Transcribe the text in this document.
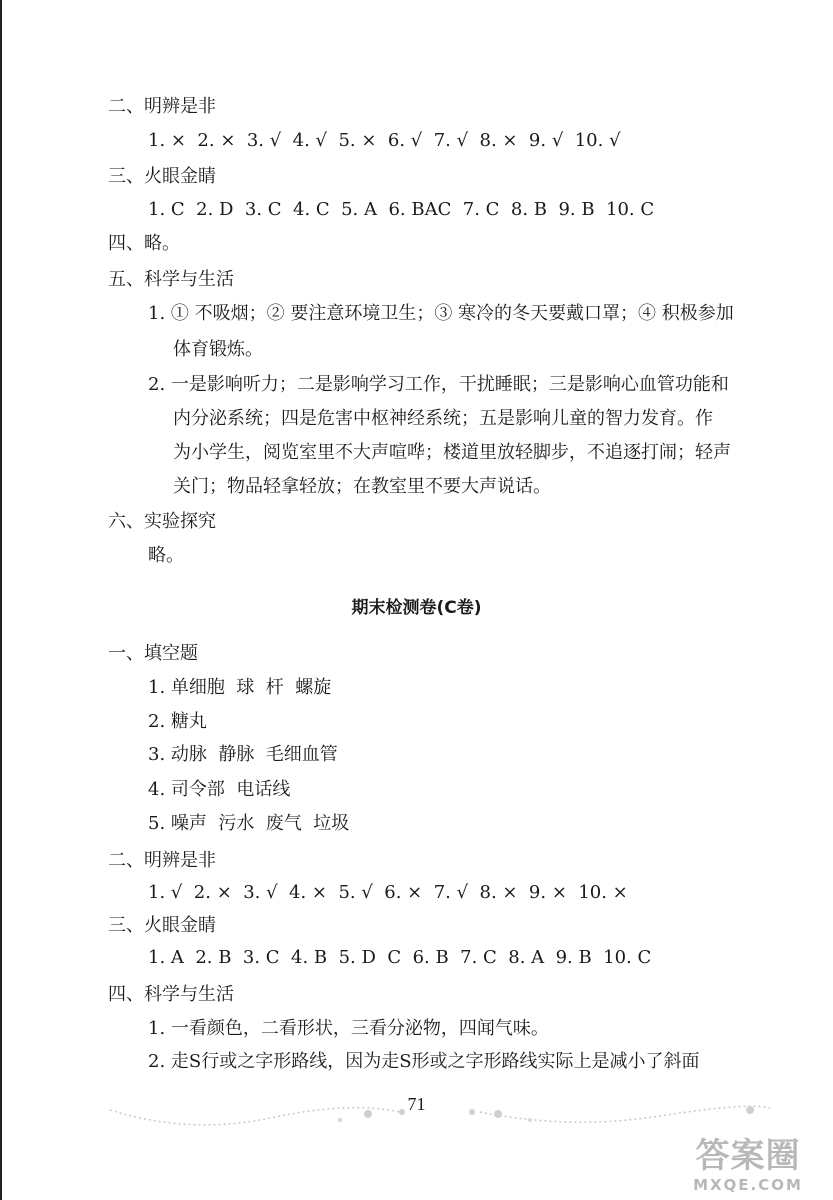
二、明辨是非
1. ×  2. ×  3. √  4. √  5. ×  6. √  7. √  8. ×  9. √  10. √
三、火眼金睛
1. C  2. D  3. C  4. C  5. A  6. BAC  7. C  8. B  9. B  10. C
四、略。
五、科学与生活
1. ① 不吸烟；② 要注意环境卫生；③ 寒冷的冬天要戴口罩；④ 积极参加
体育锻炼。
2. 一是影响听力；二是影响学习工作，干扰睡眠；三是影响心血管功能和
内分泌系统；四是危害中枢神经系统；五是影响儿童的智力发育。作
为小学生，阅览室里不大声喧哗；楼道里放轻脚步，不追逐打闹；轻声
关门；物品轻拿轻放；在教室里不要大声说话。
六、实验探究
略。
期末检测卷(C卷)
一、填空题
1. 单细胞  球  杆  螺旋
2. 糖丸
3. 动脉  静脉  毛细血管
4. 司令部  电话线
5. 噪声  污水  废气  垃圾
二、明辨是非
1. √  2. ×  3. √  4. ×  5. √  6. ×  7. √  8. ×  9. ×  10. ×
三、火眼金睛
1. A  2. B  3. C  4. B  5. D  C  6. B  7. C  8. A  9. B  10. C
四、科学与生活
1. 一看颜色，二看形状，三看分泌物，四闻气味。
2. 走S行或之字形路线，因为走S形或之字形路线实际上是减小了斜面
71
答案圈
MXQE.COM
